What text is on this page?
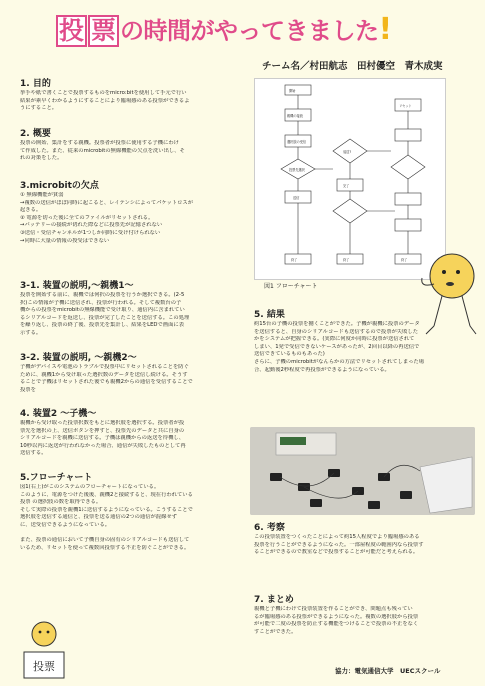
投 票 の時間がやってきました!
チーム名／村田航志　田村優空　青木成実
1. 目的
挙手や紙で書くことで投票するものをmicro:bitを使用して手元で行い
結果が素早くわかるようにすることにより臨場感のある投票ができるよ
うにすること。
2. 概要
投票の開始、集計をする親機。投票者が投票に使用する子機にわけ
て作成した。また、従来のmicrobitの無線機能の欠点を洗い出し、そ
れの対策をした。
3.microbitの欠点
① 無線機能が貧弱
→複数の送信がほぼ同時に起こると、レイテンシによってパケットロスが
起きる。
② 電源を切った後に全てのファイルがリセットされる。
→バッテリーの接続が切れた際などに投票先が記憶されない
③送信・受信チャンネルが1つしか同時に受け付けられない
→同時に大量の情報の授受はできない
3-1. 装置の説明,〜親機1〜
投票を開始する前に、親機では何択の投票を行うか選択できる。(2-5
択)この情報が子機に送信され、投票が行われる。そして複数台の子
機からの投票をmicrobitの無線機能で受け取り、通信内に含まれてい
るシリアルコードを返送し、投票が完了したことを送信する。この処理
を繰り返し、投票の終了後、投票先を集計し、結果をLEDで画面に表
示する。
3-2. 装置の説明, 〜親機2〜
子機がデバイスや電池のトラブルで投票中にリセットされることを防ぐ
ために、親機1から受け取った選択数のデータを送信し続ける。そうす
ることで子機はリセットされた後でも親機2からの通信を受信することで
投票を
4. 装置2 〜子機〜
親機から受け取った投票択数をもとに選択肢を選択する。投票者が投
票先を選択の上、送信ボタンを押すと、投票先のデータと共に自身の
シリアルコードを親機に送信する。子機は親機からの返送を待機し、
10秒以内に返送が行われなかった場合、通信が失敗したものとして再
送信する。
5.フローチャート
図1(右上)がこのシステムのフローチャートになっている。
このように、電源をつけた後後、親機2と接続すると、現在行われている
投票 の選択肢の数を取得できる。
そして実際の投票を親機1に送信するようになっている。こうすることで
選択肢を送信する通信と、投票を送る通信の2つの通信が混線せず
に、送受信できるようになっている。
また、投票の通信において子機自身の固有のシリアルコードも送信して
いるため、リセットを使って複数回投票する不正を防ぐことができる。
開始
親機の接続
選択肢の受信
投票先選択
送信
返送?
完了
リセット
終了	終了	終了
図1 フローチャート
5. 結果
約15台の子機の投票を捌くことができた。子機が親機に投票のデータ
を送信すると、自身のシリアルコードも送信するので投票が失敗した
かをシステムが把握できる。(実際に何度か同時に投票が送信されて
しまい、1発で受信できないケースがあったが、2回目以降の再送信で
送信できているものもあった)
さらに、子機のmicrobitがなんらかの方法でリセットされてしまった場
合、起動後2秒程度で再投票ができるようになっている。
6. 考察
この投票装置をつくったことによって約15人程度でより臨場感のある
投票を行うことができるようになった。一部屋程度の範囲内なら投票す
ることができるので教室などで投票することが可能だと考えられる。
7. まとめ
親機と子機にわけて投票装置を作ることができ、問題点も残ってい
るが臨場感のある投票ができるようになった。複数の選択肢から投票
が可能で二度の投票を防止する機能をつけることで投票の不正をなく
すことができた。
投票	協力：電気通信大学　UECスクール
